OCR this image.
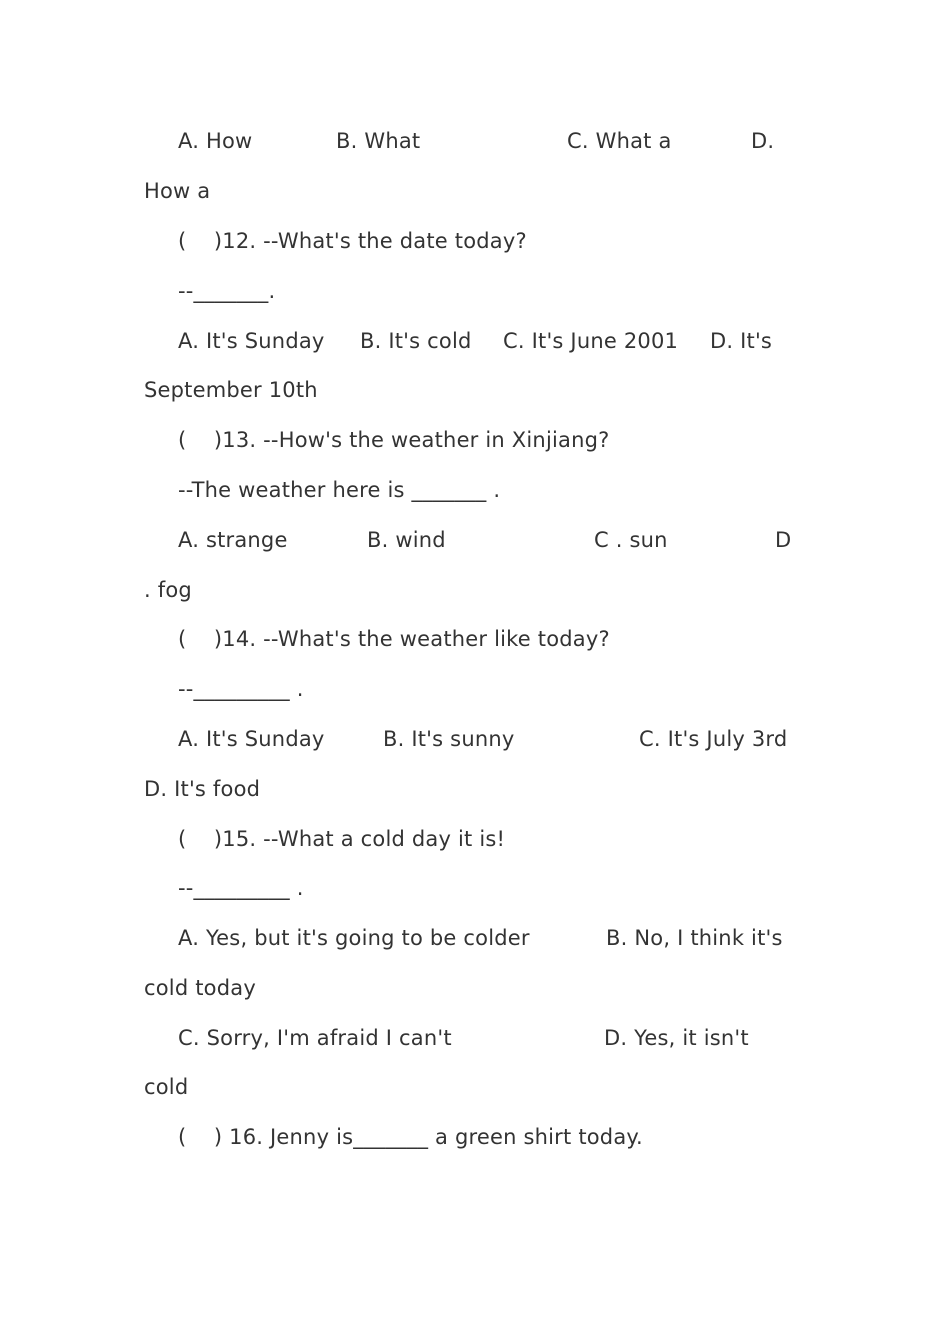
A. How

	B. What

	C. What a

	D.

How a

(    )12. --What's the date today?

--_______.

A. It's Sunday

B. It's cold

C. It's June 2001

D. It's

September 10th

(    )13. --How's the weather in Xinjiang?

--The weather here is _______ .

A. strange

	B. wind

	C . sun

	D

. fog

(    )14. --What's the weather like today?

--_________ .

A. It's Sunday

	B. It's sunny

	C. It's July 3rd

D. It's food

(    )15. --What a cold day it is!

--_________ .

A. Yes, but it's going to be colder

	B. No, I think it's

cold today

C. Sorry, I'm afraid I can't

	D. Yes, it isn't

cold

(    ) 16. Jenny is_______ a green shirt today.
